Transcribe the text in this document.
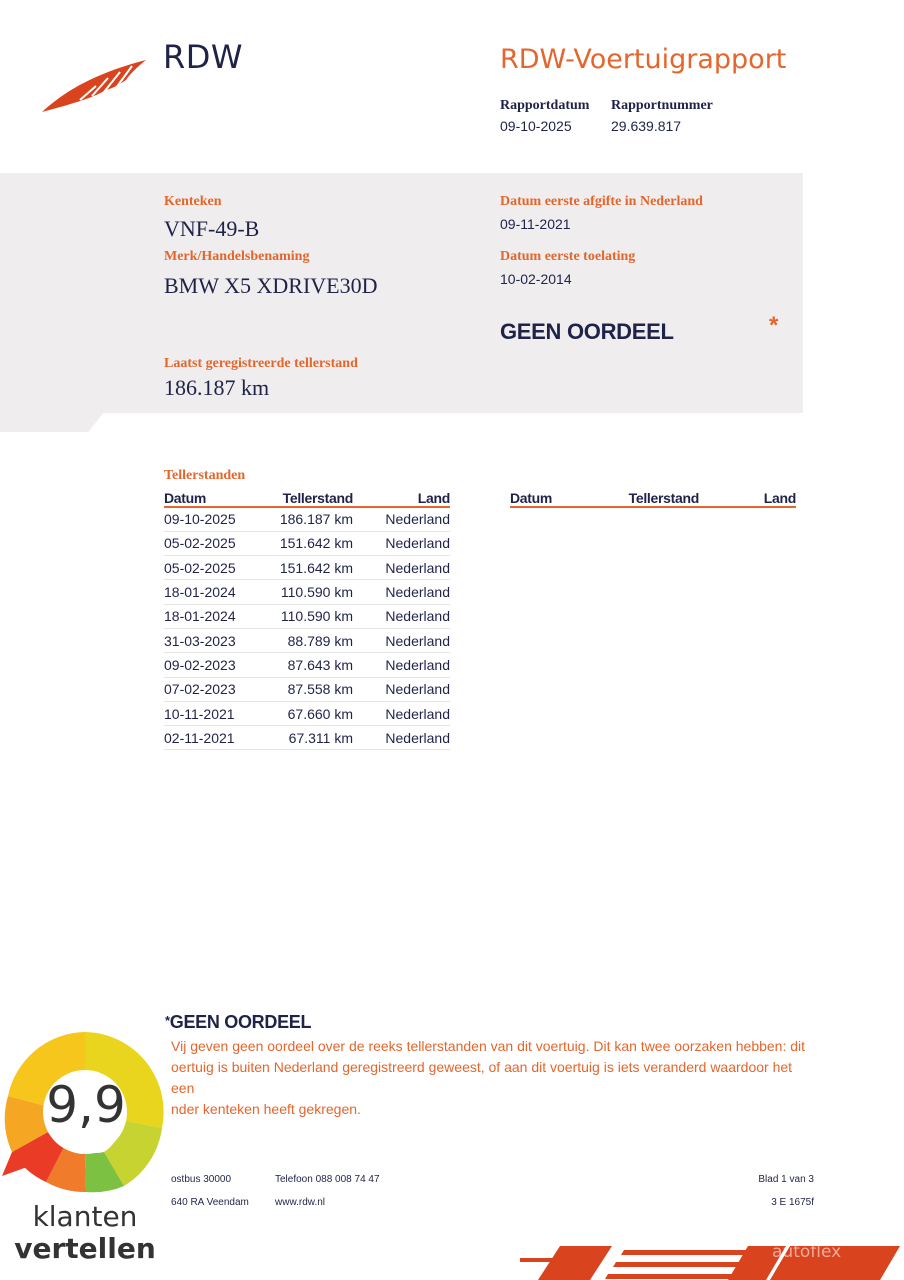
RDW	RDW-Voertuigrapport
Rapportdatum
09-10-2025
Rapportnummer
29.639.817
Kenteken
VNF-49-B
Merk/Handelsbenaming
BMW X5 XDRIVE30D
Laatst geregistreerde tellerstand
186.187 km
Datum eerste afgifte in Nederland
09-11-2021
Datum eerste toelating
10-02-2014
GEEN OORDEEL	*
Tellerstanden
Datum	Tellerstand	Land
09-10-2025	186.187 km	Nederland
05-02-2025	151.642 km	Nederland
05-02-2025	151.642 km	Nederland
18-01-2024	110.590 km	Nederland
18-01-2024	110.590 km	Nederland
31-03-2023	88.789 km	Nederland
09-02-2023	87.643 km	Nederland
07-02-2023	87.558 km	Nederland
10-11-2021	67.660 km	Nederland
02-11-2021	67.311 km	Nederland
Datum	Tellerstand	Land
*GEEN OORDEEL
Vij geven geen oordeel over de reeks tellerstanden van dit voertuig. Dit kan twee oorzaken hebben: dit
oertuig is buiten Nederland geregistreerd geweest, of aan dit voertuig is iets veranderd waardoor het een
nder kenteken heeft gekregen.
ostbus 30000
640 RA Veendam
Telefoon 088 008 74 47
www.rdw.nl
Blad 1 van 3
3 E 1675f
9,9
klanten
vertellen	autoflex
